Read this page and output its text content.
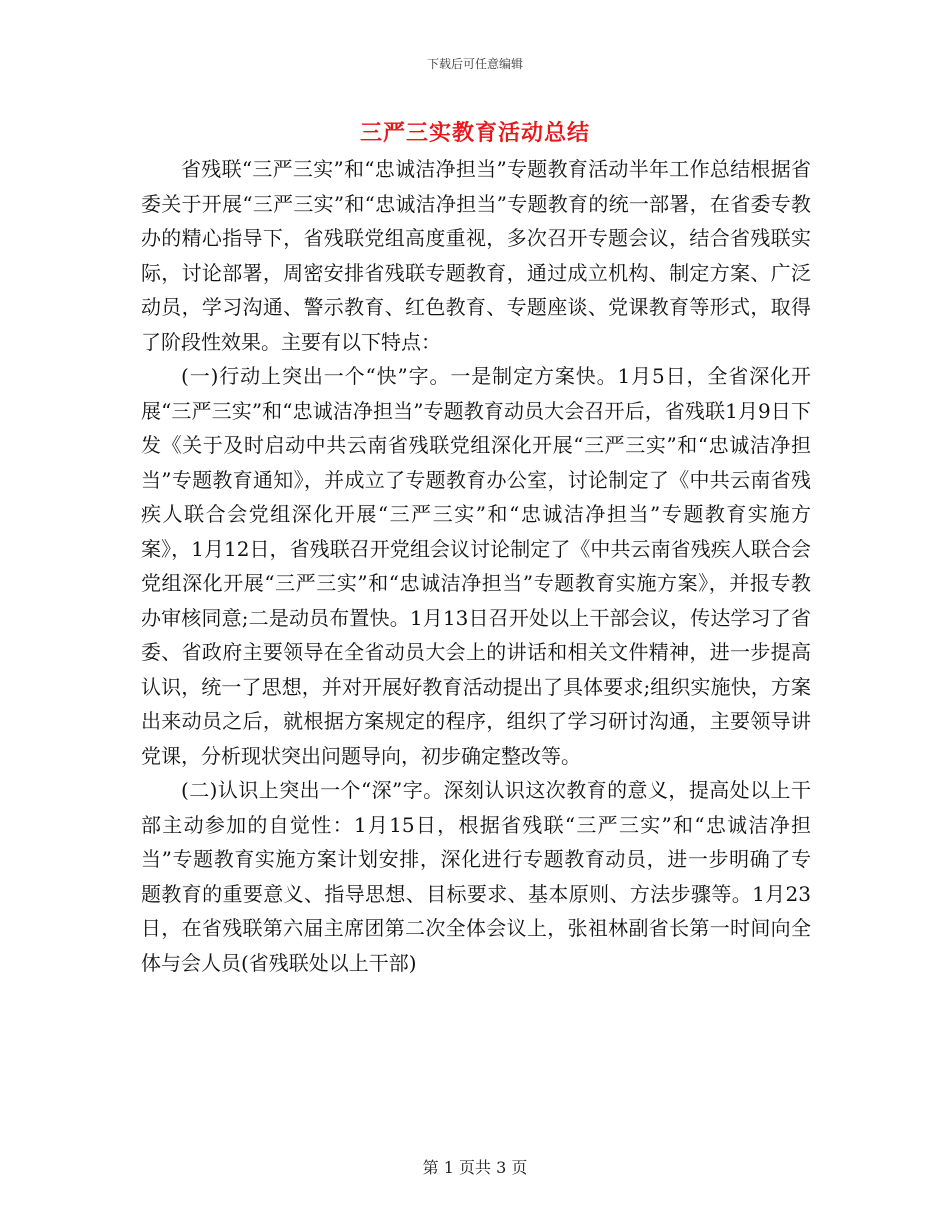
下载后可任意编辑
三严三实教育活动总结

省残联“三严三实”和“忠诚洁净担当”专题教育活动半年工作总结根据省委关于开展“三严三实”和“忠诚洁净担当”专题教育的统一部署，在省委专教办的精心指导下，省残联党组高度重视，多次召开专题会议，结合省残联实际，讨论部署，周密安排省残联专题教育，通过成立机构、制定方案、广泛动员，学习沟通、警示教育、红色教育、专题座谈、党课教育等形式，取得了阶段性效果。主要有以下特点：

(一)行动上突出一个“快”字。一是制定方案快。1月5日，全省深化开展“三严三实”和“忠诚洁净担当”专题教育动员大会召开后，省残联1月9日下发《关于及时启动中共云南省残联党组深化开展“三严三实”和“忠诚洁净担当”专题教育通知》，并成立了专题教育办公室，讨论制定了《中共云南省残疾人联合会党组深化开展“三严三实”和“忠诚洁净担当”专题教育实施方案》，1月12日，省残联召开党组会议讨论制定了《中共云南省残疾人联合会党组深化开展“三严三实”和“忠诚洁净担当”专题教育实施方案》，并报专教办审核同意;二是动员布置快。1月13日召开处以上干部会议，传达学习了省委、省政府主要领导在全省动员大会上的讲话和相关文件精神，进一步提高认识，统一了思想，并对开展好教育活动提出了具体要求;组织实施快，方案出来动员之后，就根据方案规定的程序，组织了学习研讨沟通，主要领导讲党课，分析现状突出问题导向，初步确定整改等。

(二)认识上突出一个“深”字。深刻认识这次教育的意义，提高处以上干部主动参加的自觉性：1月15日，根据省残联“三严三实”和“忠诚洁净担当”专题教育实施方案计划安排，深化进行专题教育动员，进一步明确了专题教育的重要意义、指导思想、目标要求、基本原则、方法步骤等。1月23日，在省残联第六届主席团第二次全体会议上，张祖林副省长第一时间向全体与会人员(省残联处以上干部)

第 1 页共 3 页
